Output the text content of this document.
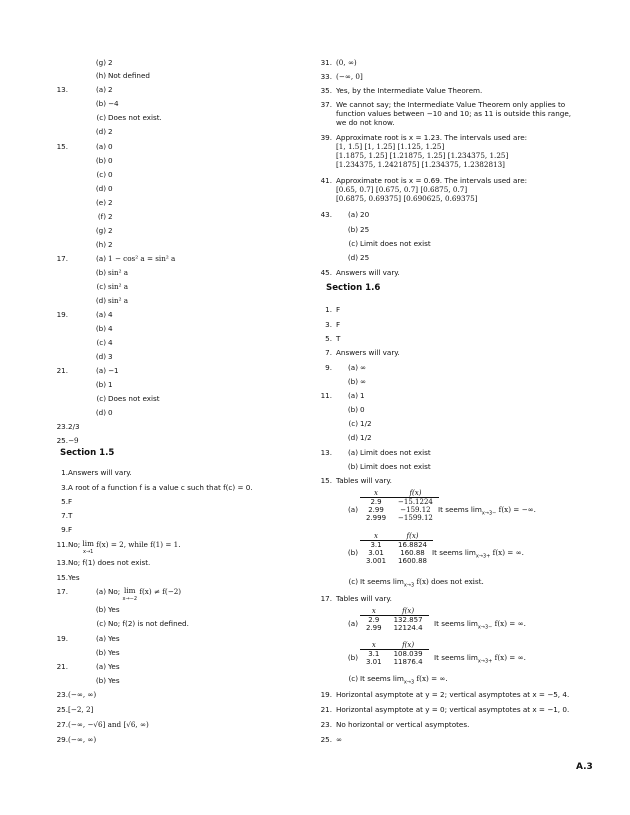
(g) 2
(h) Not defined
13.	(a) 2
(b) −4
(c) Does not exist.
(d) 2
15.	(a) 0
(b) 0
(c) 0
(d) 0
(e) 2
(f) 2
(g) 2
(h) 2
17.	(a) 1 − cos² a = sin² a
(b) sin² a
(c) sin² a
(d) sin² a
19.	(a) 4
(b) 4
(c) 4
(d) 3
21.	(a) −1
(b) 1
(c) Does not exist
(d) 0
23. 2/3
25. −9
Section 1.5
1. Answers will vary.
3. A root of a function f is a value c such that f(c) = 0.
5. F
7. T
9. F
11. No; lim
x→1 f(x) = 2, while f(1) = 1.
13. No; f(1) does not exist.
15. Yes
17.	(a) No; lim
x→−2 f(x) ≠ f(−2)
(b) Yes
(c) No; f(2) is not defined.
19.	(a) Yes
(b) Yes
21.	(a) Yes
(b) Yes
23. (−∞, ∞)
25. [−2, 2]
27. (−∞, −√6] and [√6, ∞)
29. (−∞, ∞)
31. (0, ∞)
33. (−∞, 0]
35. Yes, by the Intermediate Value Theorem.
37. We cannot say; the Intermediate Value Theorem only applies to
function values between −10 and 10; as 11 is outside this range,
we do not know.
39. Approximate root is x = 1.23. The intervals used are:
[1, 1.5] [1, 1.25] [1.125, 1.25]
[1.1875, 1.25] [1.21875, 1.25] [1.234375, 1.25]
[1.234375, 1.2421875] [1.234375, 1.2382813]
41. Approximate root is x = 0.69. The intervals used are:
[0.65, 0.7] [0.675, 0.7] [0.6875, 0.7]
[0.6875, 0.69375] [0.690625, 0.69375]
43.	(a) 20
(b) 25
(c) Limit does not exist
(d) 25
45. Answers will vary.
Section 1.6
1. F
3. F
5. T
7. Answers will vary.
9.	(a) ∞
(b) ∞
11.	(a) 1
(b) 0
(c) 1/2
(d) 1/2
13.	(a) Limit does not exist
(b) Limit does not exist
15. Tables will vary.
(a)
x	f(x)
2.9	−15.1224
2.99	−159.12
2.999	−1599.12
It seems $\lim_{x\to 3-} f(x)$ = −∞.
(b)
x	f(x)
3.1	16.8824
3.01	160.88
3.001	1600.88
It seems $\lim_{x\to 3+} f(x)$ = ∞.
(c) It seems $\lim_{x\to 3} f(x)$ does not exist.
17. Tables will vary.
(a)
x	f(x)
2.9	132.857
2.99	12124.4 It seems $\lim_{x\to 3-} f(x)$ = ∞.
(b)
x	f(x)
3.1	108.039
3.01	11876.4 It seems $\lim_{x\to 3+} f(x)$ = ∞.
(c) It seems $\lim_{x\to 3} f(x)$ = ∞.
19. Horizontal asymptote at y = 2; vertical asymptotes at x = −5, 4.
21. Horizontal asymptote at y = 0; vertical asymptotes at x = −1, 0.
23. No horizontal or vertical asymptotes.
25. ∞
A.3
